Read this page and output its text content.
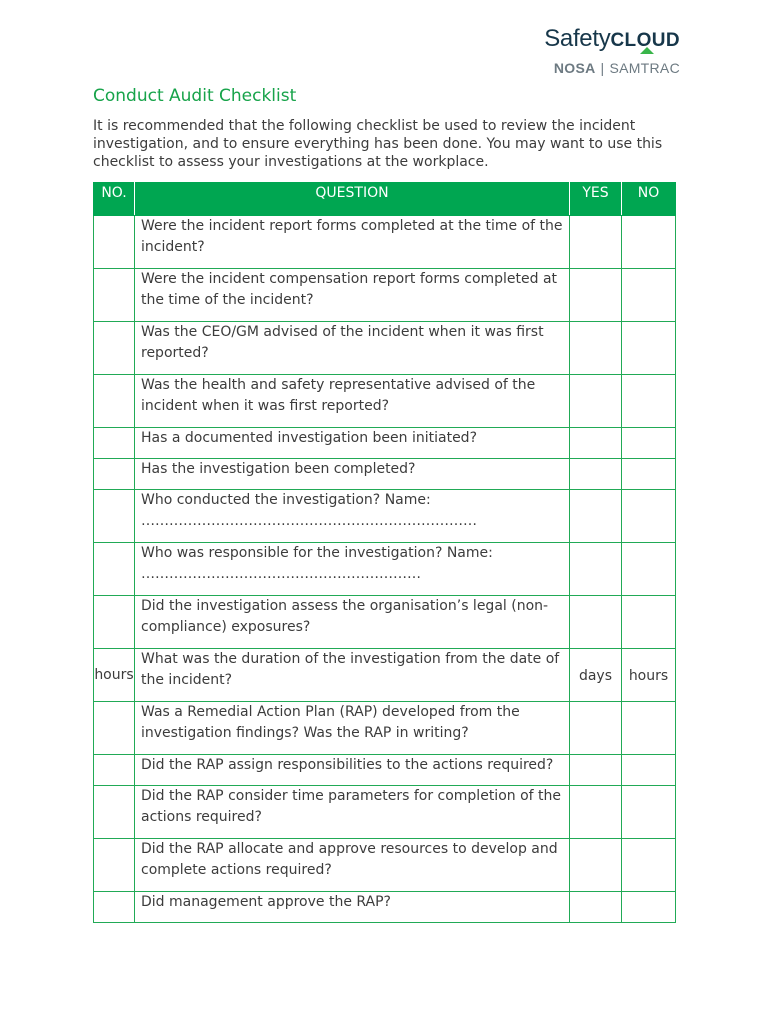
SafetyCLOUD
NOSA | SAMTRAC
Conduct Audit Checklist

It is recommended that the following checklist be used to review the incident investigation, and to ensure everything has been done. You may want to use this checklist to assess your investigations at the workplace.

NO.	QUESTION	YES	NO
	Were the incident report forms completed at the time of the incident?		
	Were the incident compensation report forms completed at the time of the incident?		
	Was the CEO/GM advised of the incident when it was first reported?		
	Was the health and safety representative advised of the incident when it was first reported?		
	Has a documented investigation been initiated?		
	Has the investigation been completed?		
	Who conducted the investigation? Name: ………………………………………………………………		
	Who was responsible for the investigation? Name: ……………………………………………………		
	Did the investigation assess the organisation’s legal (non-compliance) exposures?		
hours	What was the duration of the investigation from the date of the incident?	days	hours
	Was a Remedial Action Plan (RAP) developed from the investigation findings? Was the RAP in writing?		
	Did the RAP assign responsibilities to the actions required?		
	Did the RAP consider time parameters for completion of the actions required?		
	Did the RAP allocate and approve resources to develop and complete actions required?		
	Did management approve the RAP?		
